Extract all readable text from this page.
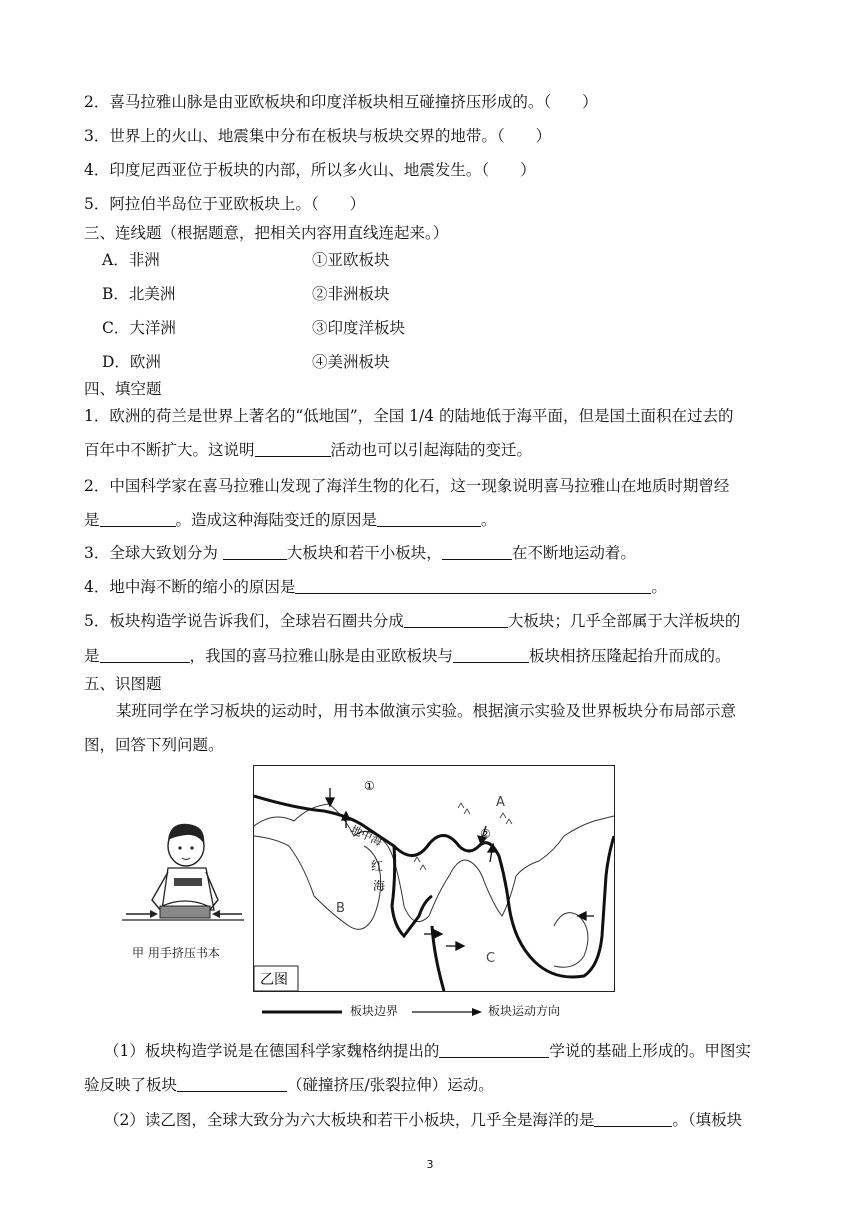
2．喜马拉雅山脉是由亚欧板块和印度洋板块相互碰撞挤压形成的。（　　）
3．世界上的火山、地震集中分布在板块与板块交界的地带。（　　）
4．印度尼西亚位于板块的内部，所以多火山、地震发生。（　　）
5．阿拉伯半岛位于亚欧板块上。（　　）
三、连线题（根据题意，把相关内容用直线连起来。）
A．非洲	①亚欧板块
B．北美洲	②非洲板块
C．大洋洲	③印度洋板块
D．欧洲	④美洲板块
四、填空题
1．欧洲的荷兰是世界上著名的“低地国”，全国 1/4 的陆地低于海平面，但是国土面积在过去的
百年中不断扩大。这说明	活动也可以引起海陆的变迁。
2．中国科学家在喜马拉雅山发现了海洋生物的化石，这一现象说明喜马拉雅山在地质时期曾经
是	。造成这种海陆变迁的原因是	。
3．全球大致划分为	大板块和若干小板块，	在不断地运动着。
4．地中海不断的缩小的原因是	。
5．板块构造学说告诉我们，全球岩石圈共分成	大板块；几乎全部属于大洋板块的
是	，我国的喜马拉雅山脉是由亚欧板块与	板块相挤压隆起抬升而成的。
五、识图题
某班同学在学习板块的运动时，用书本做演示实验。根据演示实验及世界板块分布局部示意
图，回答下列问题。
甲 用手挤压书本
①
②
A
B
C
地中海
红
海
乙图
板块边界	板块运动方向
（1）板块构造学说是在德国科学家魏格纳提出的	学说的基础上形成的。甲图实
验反映了板块	（碰撞挤压/张裂拉伸）运动。
（2）读乙图，全球大致分为六大板块和若干小板块，几乎全是海洋的是	。（填板块
3
